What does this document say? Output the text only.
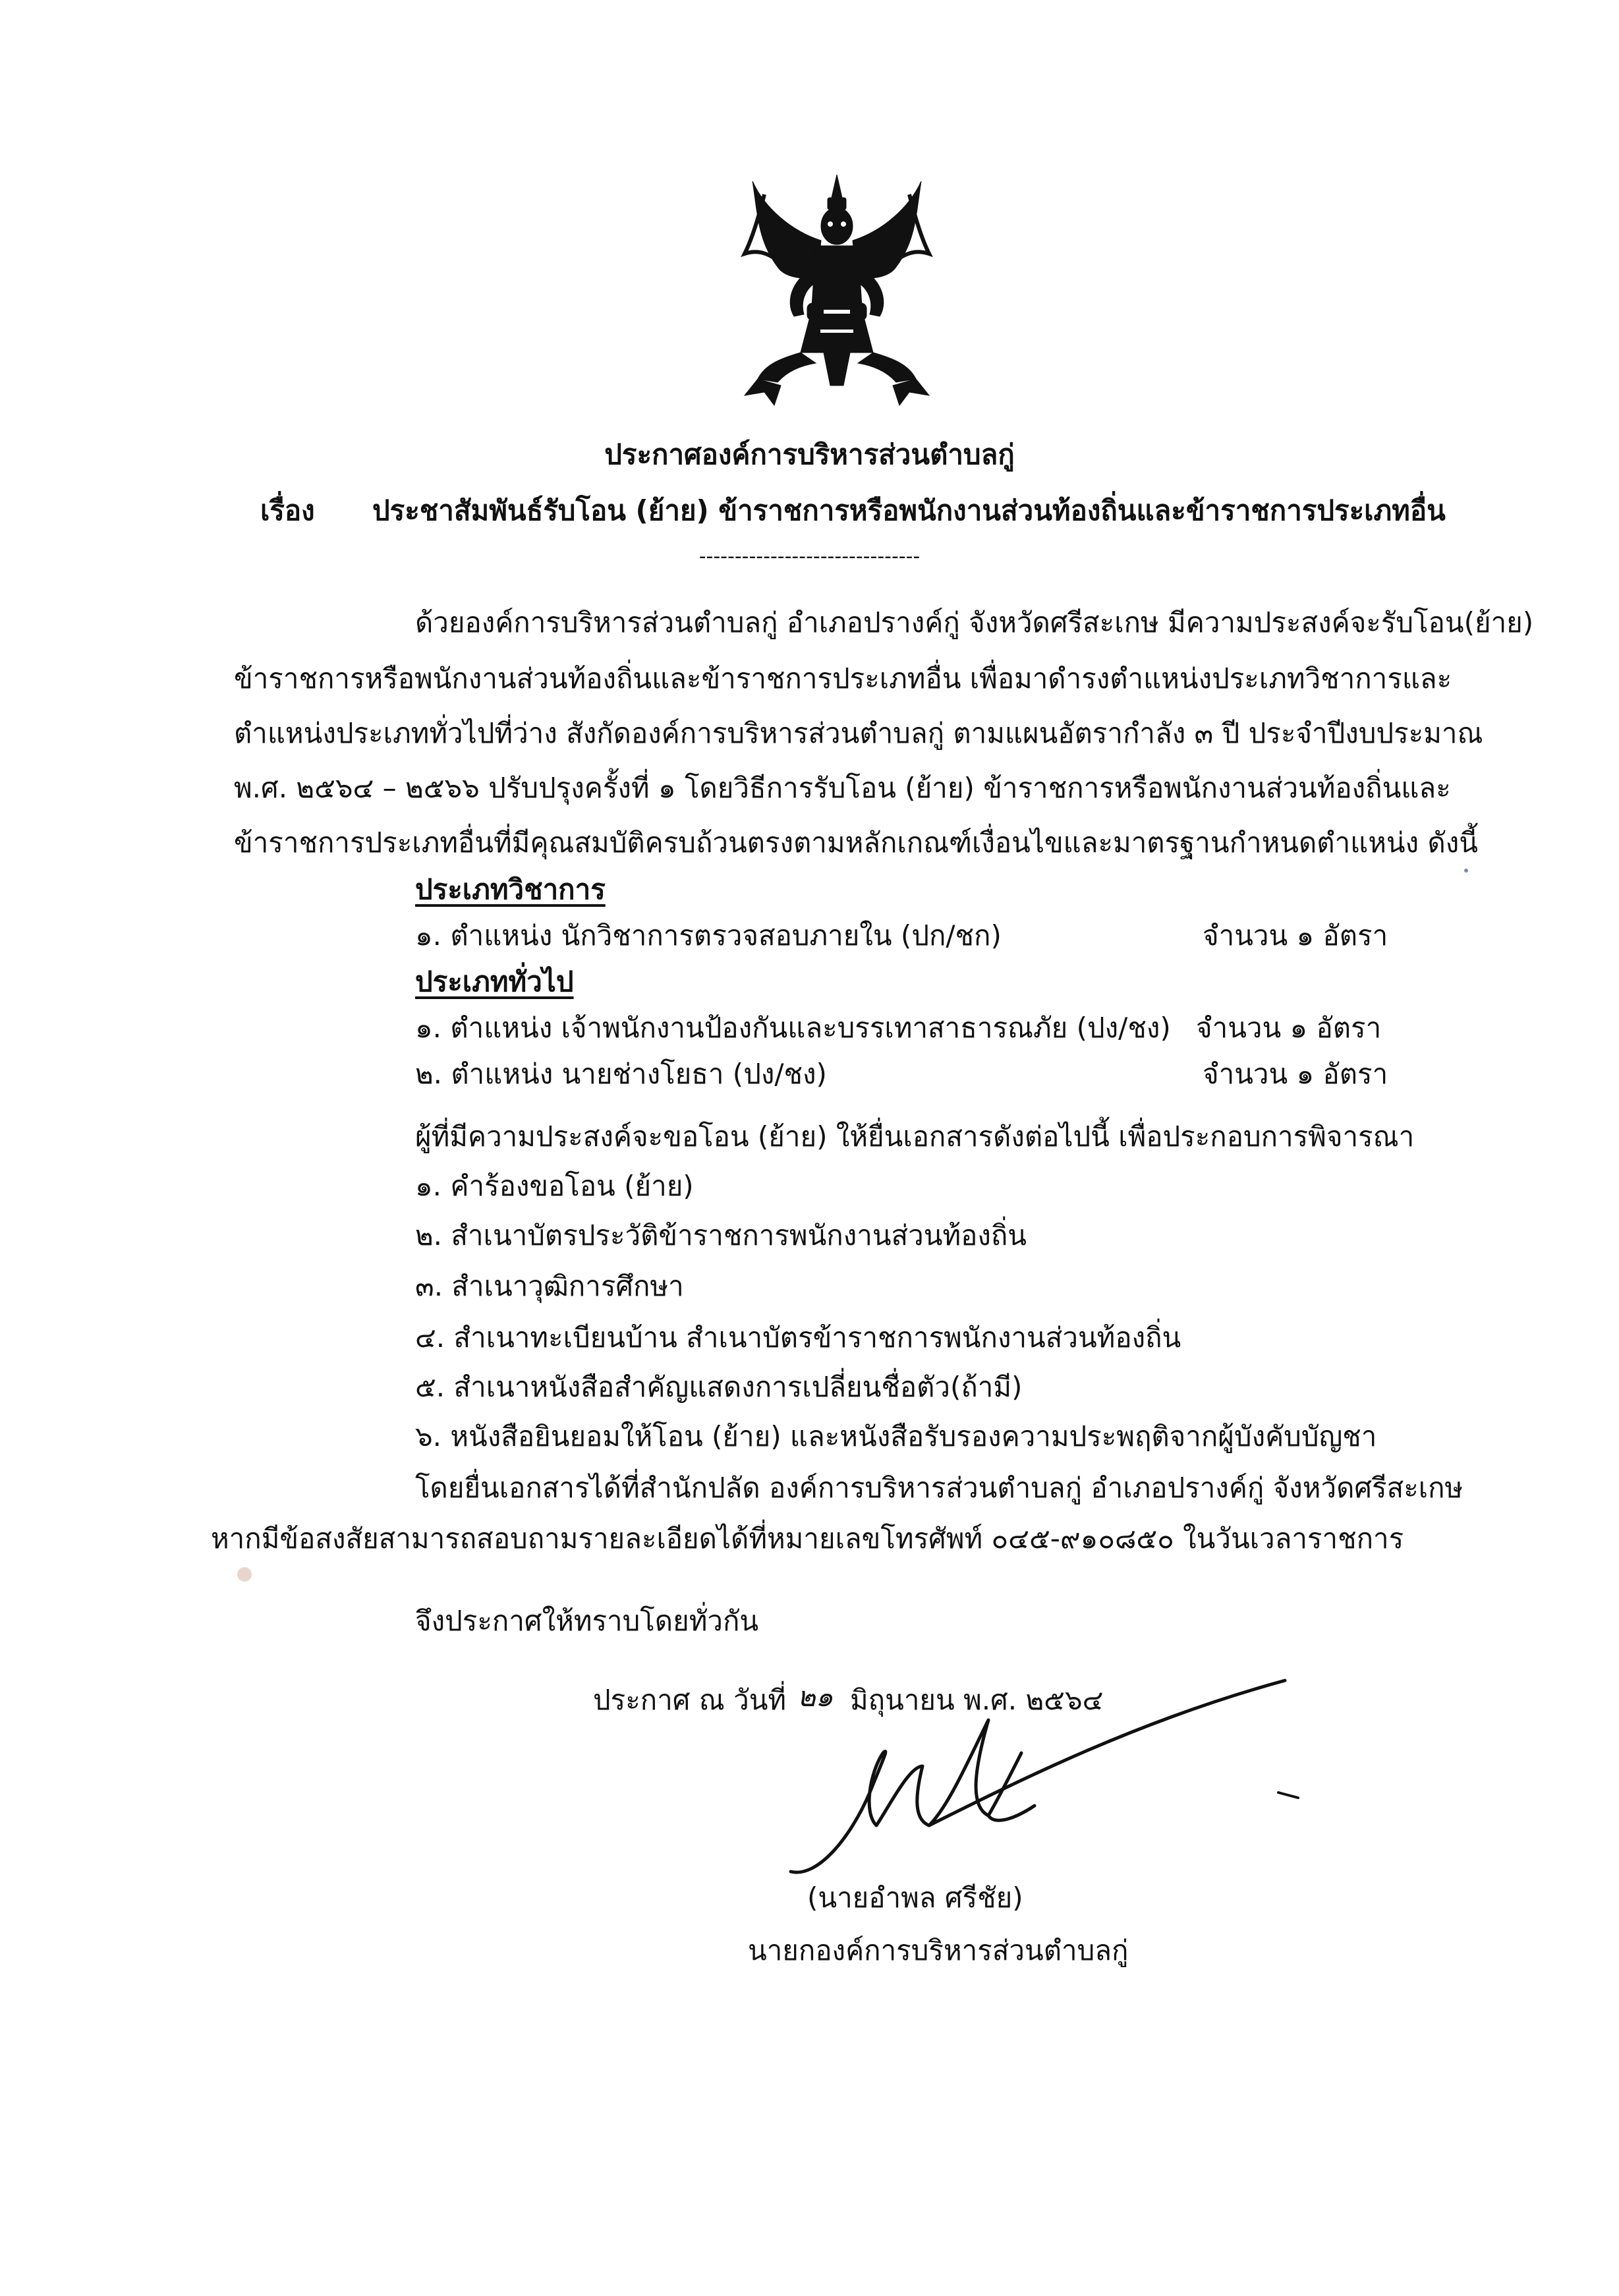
ประกาศองค์การบริหารส่วนตำบลกู่
เรื่อง ประชาสัมพันธ์รับโอน (ย้าย) ข้าราชการหรือพนักงานส่วนท้องถิ่นและข้าราชการประเภทอื่น
-------------------------------
ด้วยองค์การบริหารส่วนตำบลกู่ อำเภอปรางค์กู่ จังหวัดศรีสะเกษ มีความประสงค์จะรับโอน(ย้าย)
ข้าราชการหรือพนักงานส่วนท้องถิ่นและข้าราชการประเภทอื่น เพื่อมาดำรงตำแหน่งประเภทวิชาการและ
ตำแหน่งประเภททั่วไปที่ว่าง สังกัดองค์การบริหารส่วนตำบลกู่ ตามแผนอัตรากำลัง ๓ ปี ประจำปีงบประมาณ
พ.ศ. ๒๕๖๔ – ๒๕๖๖ ปรับปรุงครั้งที่ ๑ โดยวิธีการรับโอน (ย้าย) ข้าราชการหรือพนักงานส่วนท้องถิ่นและ
ข้าราชการประเภทอื่นที่มีคุณสมบัติครบถ้วนตรงตามหลักเกณฑ์เงื่อนไขและมาตรฐานกำหนดตำแหน่ง ดังนี้
ประเภทวิชาการ
๑. ตำแหน่ง นักวิชาการตรวจสอบภายใน (ปก/ชก)	จำนวน ๑ อัตรา
ประเภททั่วไป
๑. ตำแหน่ง เจ้าพนักงานป้องกันและบรรเทาสาธารณภัย (ปง/ชง) จำนวน ๑ อัตรา
๒. ตำแหน่ง นายช่างโยธา (ปง/ชง)	จำนวน ๑ อัตรา
ผู้ที่มีความประสงค์จะขอโอน (ย้าย) ให้ยื่นเอกสารดังต่อไปนี้ เพื่อประกอบการพิจารณา
๑. คำร้องขอโอน (ย้าย)
๒. สำเนาบัตรประวัติข้าราชการพนักงานส่วนท้องถิ่น
๓. สำเนาวุฒิการศึกษา
๔. สำเนาทะเบียนบ้าน สำเนาบัตรข้าราชการพนักงานส่วนท้องถิ่น
๕. สำเนาหนังสือสำคัญแสดงการเปลี่ยนชื่อตัว(ถ้ามี)
๖. หนังสือยินยอมให้โอน (ย้าย) และหนังสือรับรองความประพฤติจากผู้บังคับบัญชา
โดยยื่นเอกสารได้ที่สำนักปลัด องค์การบริหารส่วนตำบลกู่ อำเภอปรางค์กู่ จังหวัดศรีสะเกษ
หากมีข้อสงสัยสามารถสอบถามรายละเอียดได้ที่หมายเลขโทรศัพท์ ๐๔๕-๙๑๐๘๕๐ ในวันเวลาราชการ
จึงประกาศให้ทราบโดยทั่วกัน
ประกาศ ณ วันที่ ๒๑ มิถุนายน พ.ศ. ๒๕๖๔
(นายอำพล ศรีชัย)
นายกองค์การบริหารส่วนตำบลกู่
